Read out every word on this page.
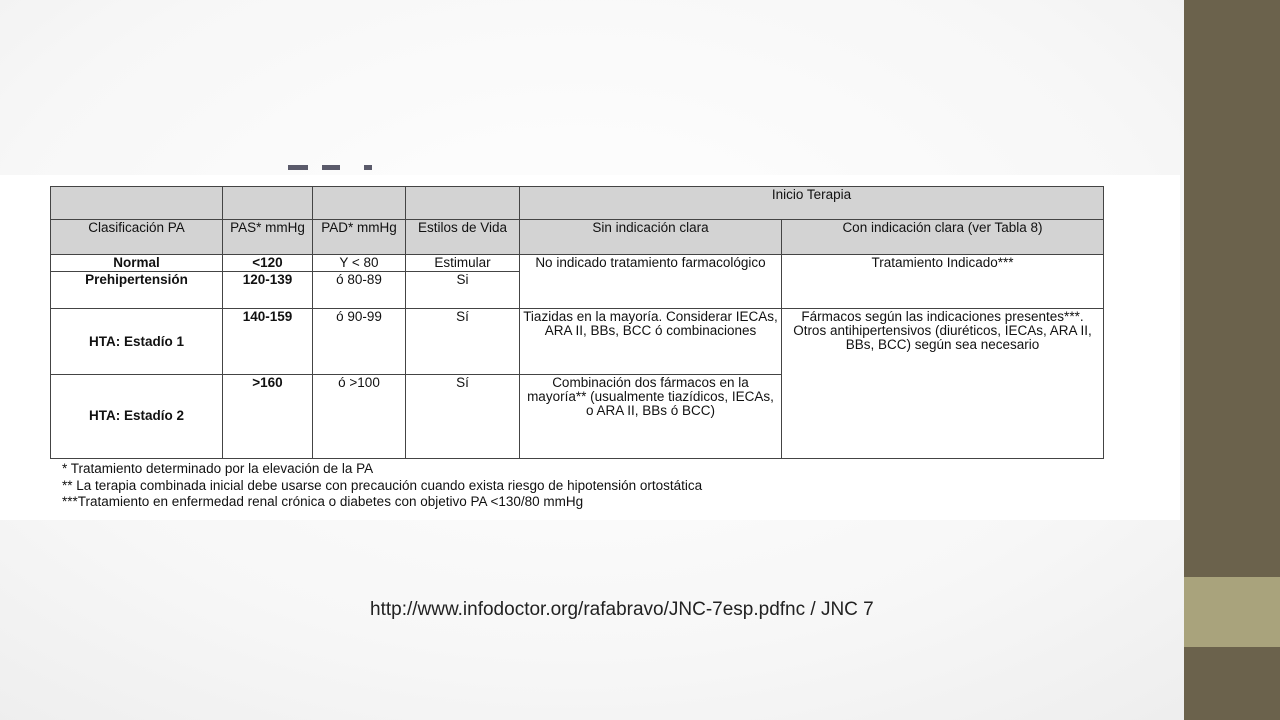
				Inicio Terapia	
Clasificación PA	PAS* mmHg	PAD* mmHg	Estilos de Vida	Sin indicación clara	Con indicación clara (ver Tabla 8)
Normal	<120	Y < 80	Estimular	No indicado tratamiento farmacológico	Tratamiento Indicado***
Prehipertensión	120-139	ó 80-89	Si		
HTA: Estadío 1	140-159	ó 90-99	Sí	Tiazidas en la mayoría. Considerar IECAs, ARA II, BBs, BCC ó combinaciones	Fármacos según las indicaciones presentes***. Otros antihipertensivos (diuréticos, IECAs, ARA II, BBs, BCC) según sea necesario
HTA: Estadío 2	>160	ó >100	Sí	Combinación dos fármacos en la mayoría** (usualmente tiazídicos, IECAs, o ARA II, BBs ó BCC)	
* Tratamiento determinado por la elevación de la PA
** La terapia combinada inicial debe usarse con precaución cuando exista riesgo de hipotensión ortostática
***Tratamiento en enfermedad renal crónica o diabetes con objetivo PA <130/80 mmHg
http://www.infodoctor.org/rafabravo/JNC-7esp.pdfnc / JNC 7
